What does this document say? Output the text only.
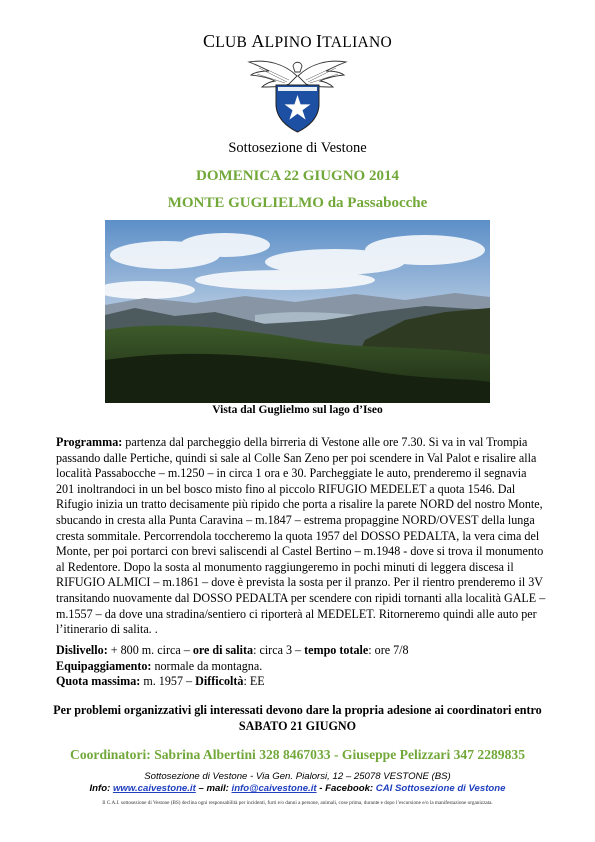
CLUB ALPINO ITALIANO
Sottosezione di Vestone
DOMENICA 22 GIUGNO 2014
MONTE GUGLIELMO da Passabocche
Vista dal Guglielmo sul lago d’Iseo
Programma: partenza dal parcheggio della birreria di Vestone alle ore 7.30. Si va in val Trompia passando dalle Pertiche, quindi si sale al Colle San Zeno per poi scendere in Val Palot e risalire alla località Passabocche – m.1250 – in circa 1 ora e 30. Parcheggiate le auto, prenderemo il segnavia 201 inoltrandoci in un bel bosco misto fino al piccolo RIFUGIO MEDELET a quota 1546. Dal Rifugio inizia un tratto decisamente più ripido che porta a risalire la parete NORD del nostro Monte, sbucando in cresta alla Punta Caravina – m.1847 – estrema propaggine NORD/OVEST della lunga cresta sommitale. Percorrendola toccheremo la quota 1957 del DOSSO PEDALTA, la vera cima del Monte, per poi portarci con brevi saliscendi al Castel Bertino – m.1948 - dove si trova il monumento al Redentore. Dopo la sosta al monumento raggiungeremo in pochi minuti di leggera discesa il RIFUGIO ALMICI – m.1861 – dove è prevista la sosta per il pranzo. Per il rientro prenderemo il 3V transitando nuovamente dal DOSSO PEDALTA per scendere con ripidi tornanti alla località GALE – m.1557 – da dove una stradina/sentiero ci riporterà al MEDELET. Ritorneremo quindi alle auto per l’itinerario di salita. .
Dislivello: + 800 m. circa – ore di salita: circa 3 – tempo totale: ore 7/8
Equipaggiamento: normale da montagna.
Quota massima: m. 1957 – Difficoltà: EE
Per problemi organizzativi gli interessati devono dare la propria adesione ai coordinatori entro
SABATO 21 GIUGNO
Coordinatori: Sabrina Albertini 328 8467033 - Giuseppe Pelizzari 347 2289835
Sottosezione di Vestone - Via Gen. Pialorsi, 12 – 25078 VESTONE (BS)
Info: www.caivestone.it – mail: info@caivestone.it - Facebook: CAI Sottosezione di Vestone
Il C.A.I. sottosezione di Vestone (BS) declina ogni responsabilità per incidenti, furti e/o danni a persone, animali, cose prima, durante e dopo l’escursione e/o la manifestazione organizzata.
